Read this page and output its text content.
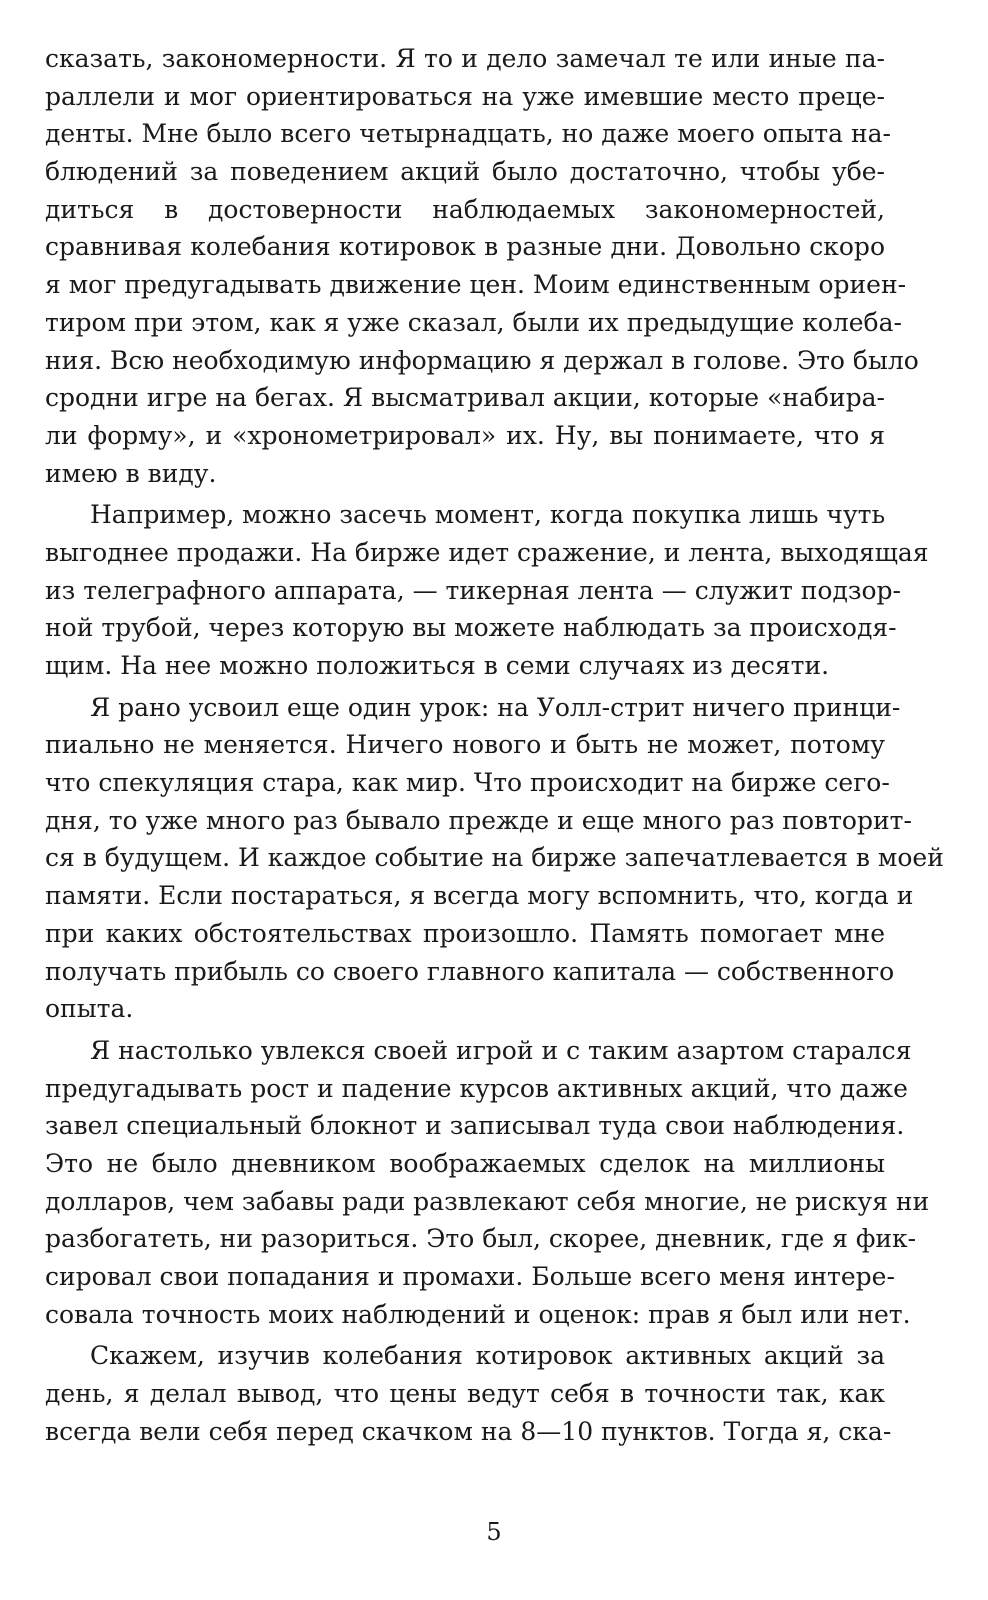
сказать, закономерности. Я то и дело замечал те или иные па-
раллели и мог ориентироваться на уже имевшие место преце-
денты. Мне было всего четырнадцать, но даже моего опыта на-
блюдений за поведением акций было достаточно, чтобы убе-
диться в достоверности наблюдаемых закономерностей,
сравнивая колебания котировок в разные дни. Довольно скоро
я мог предугадывать движение цен. Моим единственным ориен-
тиром при этом, как я уже сказал, были их предыдущие колеба-
ния. Всю необходимую информацию я держал в голове. Это было
сродни игре на бегах. Я высматривал акции, которые «набира-
ли форму», и «хронометрировал» их. Ну, вы понимаете, что я
имею в виду.
Например, можно засечь момент, когда покупка лишь чуть
выгоднее продажи. На бирже идет сражение, и лента, выходящая
из телеграфного аппарата, — тикерная лента — служит подзор-
ной трубой, через которую вы можете наблюдать за происходя-
щим. На нее можно положиться в семи случаях из десяти.
Я рано усвоил еще один урок: на Уолл-стрит ничего принци-
пиально не меняется. Ничего нового и быть не может, потому
что спекуляция стара, как мир. Что происходит на бирже сего-
дня, то уже много раз бывало прежде и еще много раз повторит-
ся в будущем. И каждое событие на бирже запечатлевается в моей
памяти. Если постараться, я всегда могу вспомнить, что, когда и
при каких обстоятельствах произошло. Память помогает мне
получать прибыль со своего главного капитала — собственного
опыта.
Я настолько увлекся своей игрой и с таким азартом старался
предугадывать рост и падение курсов активных акций, что даже
завел специальный блокнот и записывал туда свои наблюдения.
Это не было дневником воображаемых сделок на миллионы
долларов, чем забавы ради развлекают себя многие, не рискуя ни
разбогатеть, ни разориться. Это был, скорее, дневник, где я фик-
сировал свои попадания и промахи. Больше всего меня интере-
совала точность моих наблюдений и оценок: прав я был или нет.
Скажем, изучив колебания котировок активных акций за
день, я делал вывод, что цены ведут себя в точности так, как
всегда вели себя перед скачком на 8—10 пунктов. Тогда я, ска-
5
